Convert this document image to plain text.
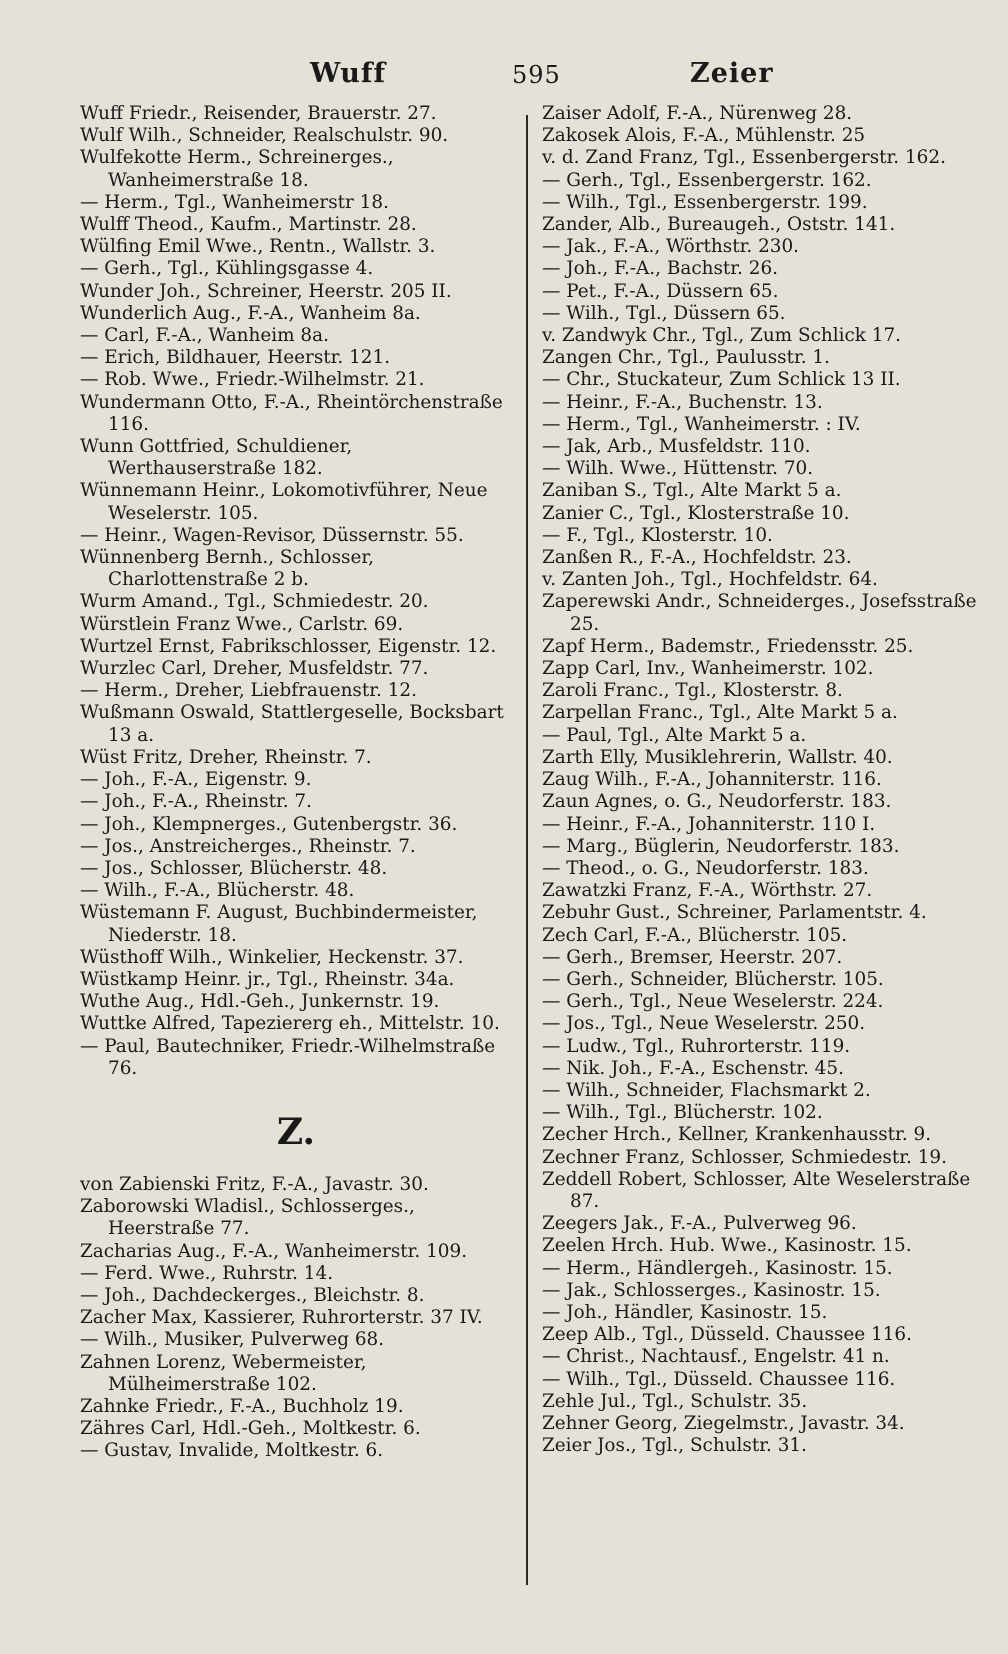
Wuff	595	Zeier
Wuff Friedr., Reisender, Brauerstr. 27.
Wulf Wilh., Schneider, Realschulstr. 90.
Wulfekotte Herm., Schreinerges., Wanheimerstraße 18.
— Herm., Tgl., Wanheimerstr 18.
Wulff Theod., Kaufm., Martinstr. 28.
Wülfing Emil Wwe., Rentn., Wallstr. 3.
— Gerh., Tgl., Kühlingsgasse 4.
Wunder Joh., Schreiner, Heerstr. 205 II.
Wunderlich Aug., F.-A., Wanheim 8a.
— Carl, F.-A., Wanheim 8a.
— Erich, Bildhauer, Heerstr. 121.
— Rob. Wwe., Friedr.-Wilhelmstr. 21.
Wundermann Otto, F.-A., Rheintörchenstraße 116.
Wunn Gottfried, Schuldiener, Werthauserstraße 182.
Wünnemann Heinr., Lokomotivführer, Neue Weselerstr. 105.
— Heinr., Wagen-Revisor, Düssernstr. 55.
Wünnenberg Bernh., Schlosser, Charlottenstraße 2 b.
Wurm Amand., Tgl., Schmiedestr. 20.
Würstlein Franz Wwe., Carlstr. 69.
Wurtzel Ernst, Fabrikschlosser, Eigenstr. 12.
Wurzlec Carl, Dreher, Musfeldstr. 77.
— Herm., Dreher, Liebfrauenstr. 12.
Wußmann Oswald, Stattlergeselle, Bocksbart 13 a.
Wüst Fritz, Dreher, Rheinstr. 7.
— Joh., F.-A., Eigenstr. 9.
— Joh., F.-A., Rheinstr. 7.
— Joh., Klempnerges., Gutenbergstr. 36.
— Jos., Anstreicherges., Rheinstr. 7.
— Jos., Schlosser, Blücherstr. 48.
— Wilh., F.-A., Blücherstr. 48.
Wüstemann F. August, Buchbindermeister, Niederstr. 18.
Wüsthoff Wilh., Winkelier, Heckenstr. 37.
Wüstkamp Heinr. jr., Tgl., Rheinstr. 34a.
Wuthe Aug., Hdl.-Geh., Junkernstr. 19.
Wuttke Alfred, Tapeziererg eh., Mittelstr. 10.
— Paul, Bautechniker, Friedr.-Wilhelmstraße 76.
Z.
von Zabienski Fritz, F.-A., Javastr. 30.
Zaborowski Wladisl., Schlosserges., Heerstraße 77.
Zacharias Aug., F.-A., Wanheimerstr. 109.
— Ferd. Wwe., Ruhrstr. 14.
— Joh., Dachdeckerges., Bleichstr. 8.
Zacher Max, Kassierer, Ruhrorterstr. 37 IV.
— Wilh., Musiker, Pulverweg 68.
Zahnen Lorenz, Webermeister, Mülheimerstraße 102.
Zahnke Friedr., F.-A., Buchholz 19.
Zähres Carl, Hdl.-Geh., Moltkestr. 6.
— Gustav, Invalide, Moltkestr. 6.
Zaiser Adolf, F.-A., Nürenweg 28.
Zakosek Alois, F.-A., Mühlenstr. 25
v. d. Zand Franz, Tgl., Essenbergerstr. 162.
— Gerh., Tgl., Essenbergerstr. 162.
— Wilh., Tgl., Essenbergerstr. 199.
Zander, Alb., Bureaugeh., Oststr. 141.
— Jak., F.-A., Wörthstr. 230.
— Joh., F.-A., Bachstr. 26.
— Pet., F.-A., Düssern 65.
— Wilh., Tgl., Düssern 65.
v. Zandwyk Chr., Tgl., Zum Schlick 17.
Zangen Chr., Tgl., Paulusstr. 1.
— Chr., Stuckateur, Zum Schlick 13 II.
— Heinr., F.-A., Buchenstr. 13.
— Herm., Tgl., Wanheimerstr. : IV.
— Jak, Arb., Musfeldstr. 110.
— Wilh. Wwe., Hüttenstr. 70.
Zaniban S., Tgl., Alte Markt 5 a.
Zanier C., Tgl., Klosterstraße 10.
— F., Tgl., Klosterstr. 10.
Zanßen R., F.-A., Hochfeldstr. 23.
v. Zanten Joh., Tgl., Hochfeldstr. 64.
Zaperewski Andr., Schneiderges., Josefsstraße 25.
Zapf Herm., Bademstr., Friedensstr. 25.
Zapp Carl, Inv., Wanheimerstr. 102.
Zaroli Franc., Tgl., Klosterstr. 8.
Zarpellan Franc., Tgl., Alte Markt 5 a.
— Paul, Tgl., Alte Markt 5 a.
Zarth Elly, Musiklehrerin, Wallstr. 40.
Zaug Wilh., F.-A., Johanniterstr. 116.
Zaun Agnes, o. G., Neudorferstr. 183.
— Heinr., F.-A., Johanniterstr. 110 I.
— Marg., Büglerin, Neudorferstr. 183.
— Theod., o. G., Neudorferstr. 183.
Zawatzki Franz, F.-A., Wörthstr. 27.
Zebuhr Gust., Schreiner, Parlamentstr. 4.
Zech Carl, F.-A., Blücherstr. 105.
— Gerh., Bremser, Heerstr. 207.
— Gerh., Schneider, Blücherstr. 105.
— Gerh., Tgl., Neue Weselerstr. 224.
— Jos., Tgl., Neue Weselerstr. 250.
— Ludw., Tgl., Ruhrorterstr. 119.
— Nik. Joh., F.-A., Eschenstr. 45.
— Wilh., Schneider, Flachsmarkt 2.
— Wilh., Tgl., Blücherstr. 102.
Zecher Hrch., Kellner, Krankenhausstr. 9.
Zechner Franz, Schlosser, Schmiedestr. 19.
Zeddell Robert, Schlosser, Alte Weselerstraße 87.
Zeegers Jak., F.-A., Pulverweg 96.
Zeelen Hrch. Hub. Wwe., Kasinostr. 15.
— Herm., Händlergeh., Kasinostr. 15.
— Jak., Schlosserges., Kasinostr. 15.
— Joh., Händler, Kasinostr. 15.
Zeep Alb., Tgl., Düsseld. Chaussee 116.
— Christ., Nachtausf., Engelstr. 41 n.
— Wilh., Tgl., Düsseld. Chaussee 116.
Zehle Jul., Tgl., Schulstr. 35.
Zehner Georg, Ziegelmstr., Javastr. 34.
Zeier Jos., Tgl., Schulstr. 31.
